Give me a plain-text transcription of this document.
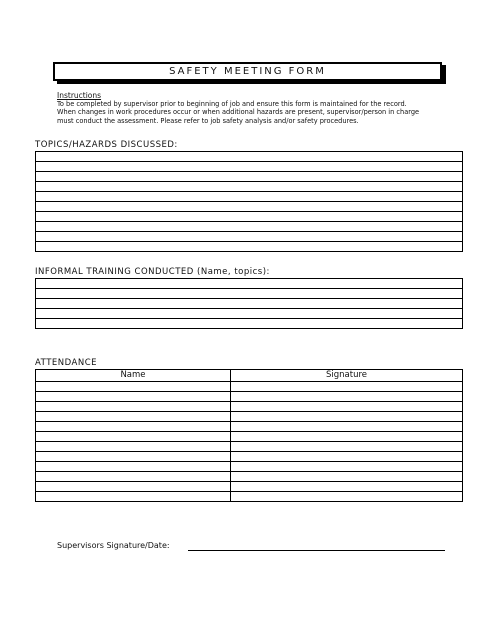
SAFETY MEETING FORM
Instructions
To be completed by supervisor prior to beginning of job and ensure this form is maintained for the record.
When changes in work procedures occur or when additional hazards are present, supervisor/person in charge
must conduct the assessment. Please refer to job safety analysis and/or safety procedures.
TOPICS/HAZARDS DISCUSSED:

INFORMAL TRAINING CONDUCTED (Name, topics):

ATTENDANCE
Name	Signature

Supervisors Signature/Date:
